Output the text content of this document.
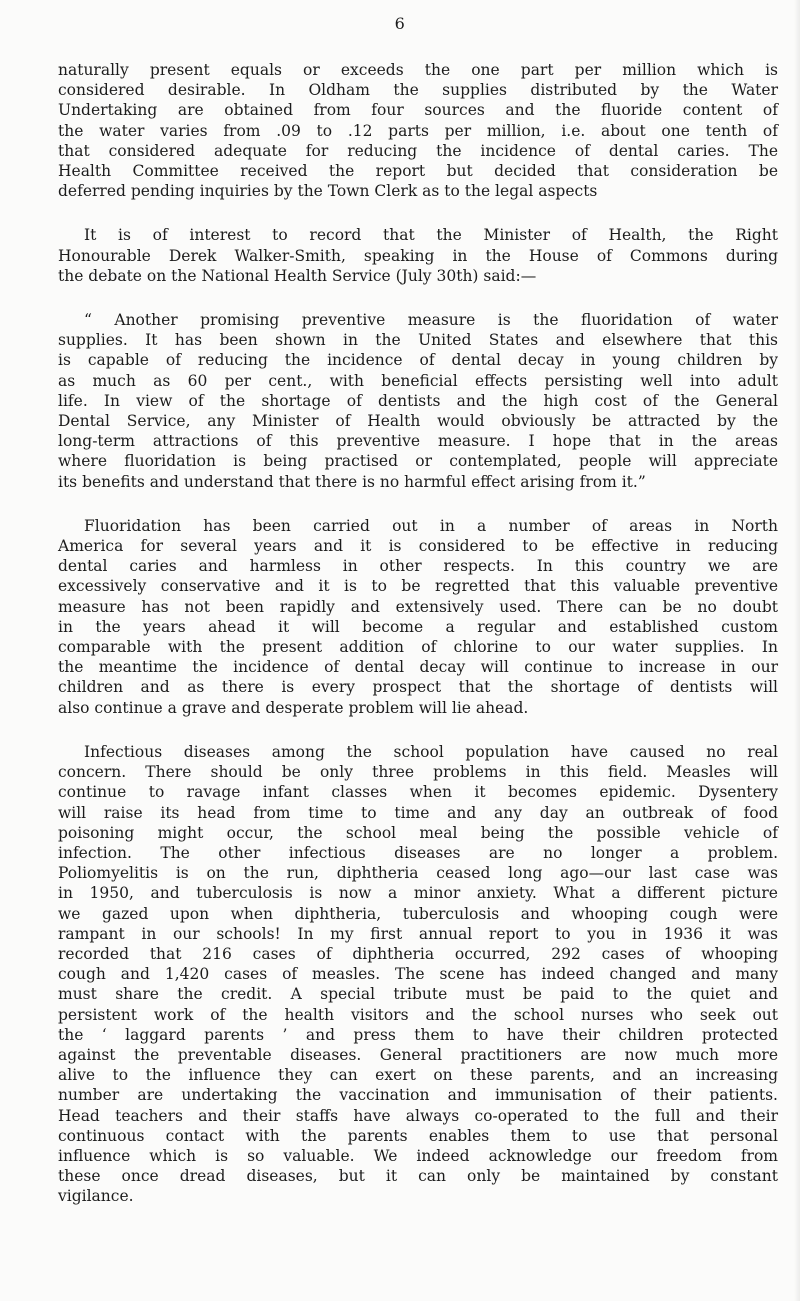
6

naturally present equals or exceeds the one part per million which is
considered desirable. In Oldham the supplies distributed by the Water
Undertaking are obtained from four sources and the fluoride content of
the water varies from .09 to .12 parts per million, i.e. about one tenth of
that considered adequate for reducing the incidence of dental caries. The
Health Committee received the report but decided that consideration be
deferred pending inquiries by the Town Clerk as to the legal aspects

It is of interest to record that the Minister of Health, the Right
Honourable Derek Walker-Smith, speaking in the House of Commons during
the debate on the National Health Service (July 30th) said:—

“ Another promising preventive measure is the fluoridation of water
supplies. It has been shown in the United States and elsewhere that this
is capable of reducing the incidence of dental decay in young children by
as much as 60 per cent., with beneficial effects persisting well into adult
life. In view of the shortage of dentists and the high cost of the General
Dental Service, any Minister of Health would obviously be attracted by the
long-term attractions of this preventive measure. I hope that in the areas
where fluoridation is being practised or contemplated, people will appreciate
its benefits and understand that there is no harmful effect arising from it.”

Fluoridation has been carried out in a number of areas in North
America for several years and it is considered to be effective in reducing
dental caries and harmless in other respects. In this country we are
excessively conservative and it is to be regretted that this valuable preventive
measure has not been rapidly and extensively used. There can be no doubt
in the years ahead it will become a regular and established custom
comparable with the present addition of chlorine to our water supplies. In
the meantime the incidence of dental decay will continue to increase in our
children and as there is every prospect that the shortage of dentists will
also continue a grave and desperate problem will lie ahead.

Infectious diseases among the school population have caused no real
concern. There should be only three problems in this field. Measles will
continue to ravage infant classes when it becomes epidemic. Dysentery
will raise its head from time to time and any day an outbreak of food
poisoning might occur, the school meal being the possible vehicle of
infection. The other infectious diseases are no longer a problem.
Poliomyelitis is on the run, diphtheria ceased long ago—our last case was
in 1950, and tuberculosis is now a minor anxiety. What a different picture
we gazed upon when diphtheria, tuberculosis and whooping cough were
rampant in our schools! In my first annual report to you in 1936 it was
recorded that 216 cases of diphtheria occurred, 292 cases of whooping
cough and 1,420 cases of measles. The scene has indeed changed and many
must share the credit. A special tribute must be paid to the quiet and
persistent work of the health visitors and the school nurses who seek out
the ‘ laggard parents ’ and press them to have their children protected
against the preventable diseases. General practitioners are now much more
alive to the influence they can exert on these parents, and an increasing
number are undertaking the vaccination and immunisation of their patients.
Head teachers and their staffs have always co-operated to the full and their
continuous contact with the parents enables them to use that personal
influence which is so valuable. We indeed acknowledge our freedom from
these once dread diseases, but it can only be maintained by constant
vigilance.
